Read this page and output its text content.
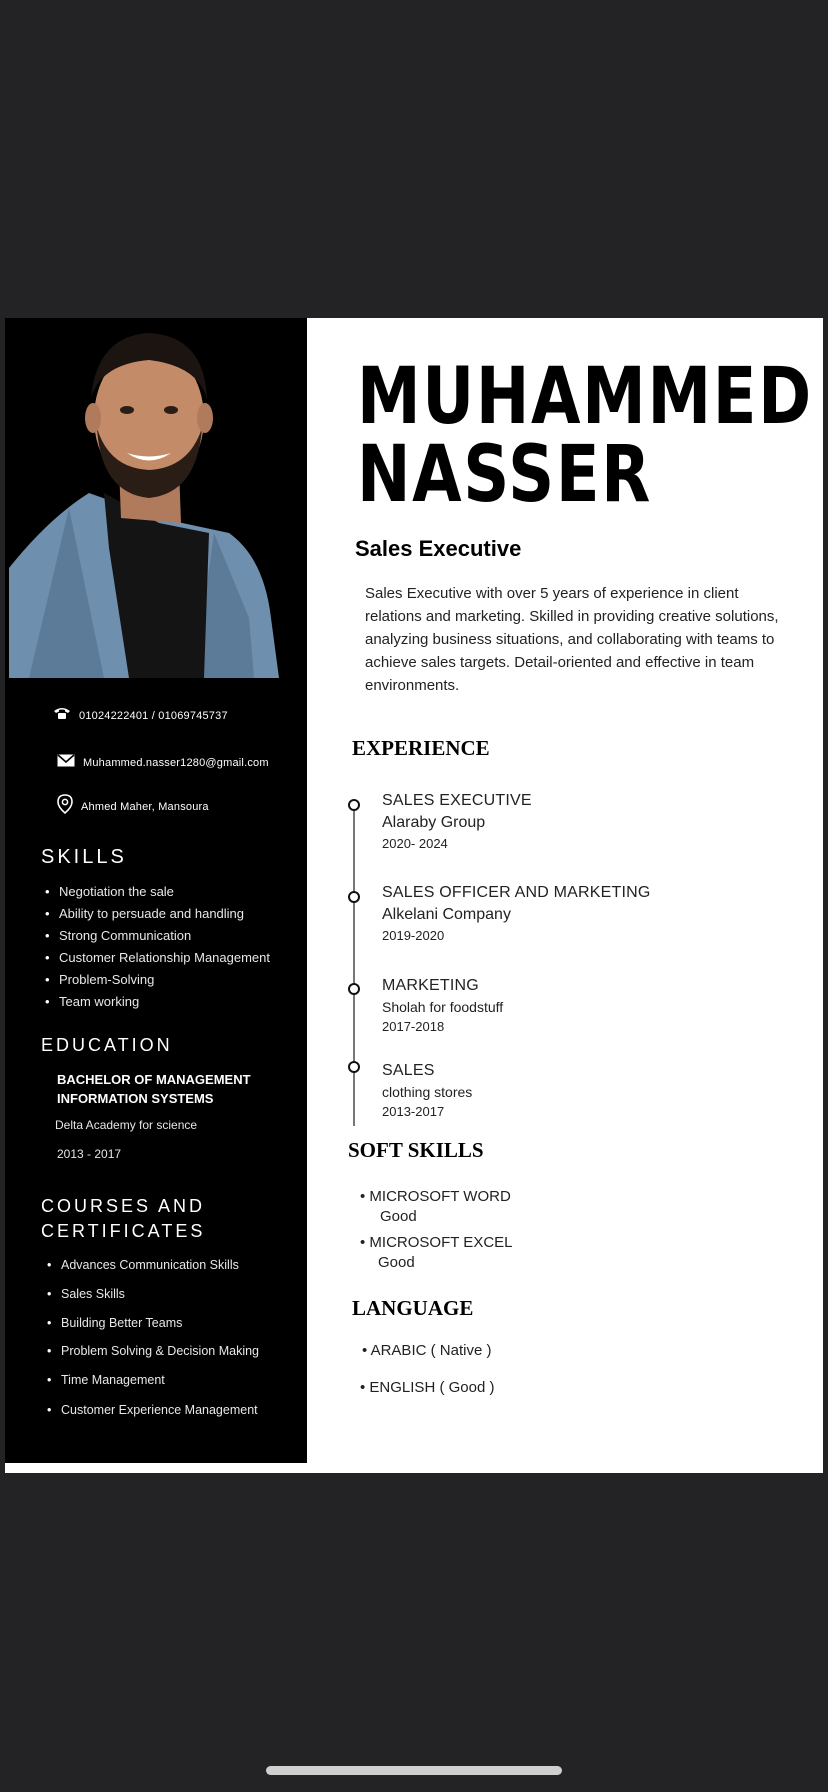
01024222401 / 01069745737
Muhammed.nasser1280@gmail.com
Ahmed Maher, Mansoura
SKILLS
• Negotiation the sale
• Ability to persuade and handling
• Strong Communication
• Customer Relationship Management
• Problem-Solving
• Team working
EDUCATION
BACHELOR OF MANAGEMENT
INFORMATION SYSTEMS
Delta Academy for science
2013 - 2017
COURSES AND
CERTIFICATES
• Advances Communication Skills
• Sales Skills
• Building Better Teams
• Problem Solving & Decision Making
• Time Management
• Customer Experience Management
MUHAMMED
NASSER
Sales Executive
Sales Executive with over 5 years of experience in client relations and marketing. Skilled in providing creative solutions, analyzing business situations, and collaborating with teams to achieve sales targets. Detail-oriented and effective in team environments.
EXPERIENCE
SALES EXECUTIVE
Alaraby Group
2020- 2024
SALES OFFICER AND MARKETING
Alkelani Company
2019-2020
MARKETING
Sholah for foodstuff
2017-2018
SALES
clothing stores
2013-2017
SOFT SKILLS
• MICROSOFT WORD
Good
• MICROSOFT EXCEL
Good
LANGUAGE
• ARABIC ( Native )
• ENGLISH ( Good )
